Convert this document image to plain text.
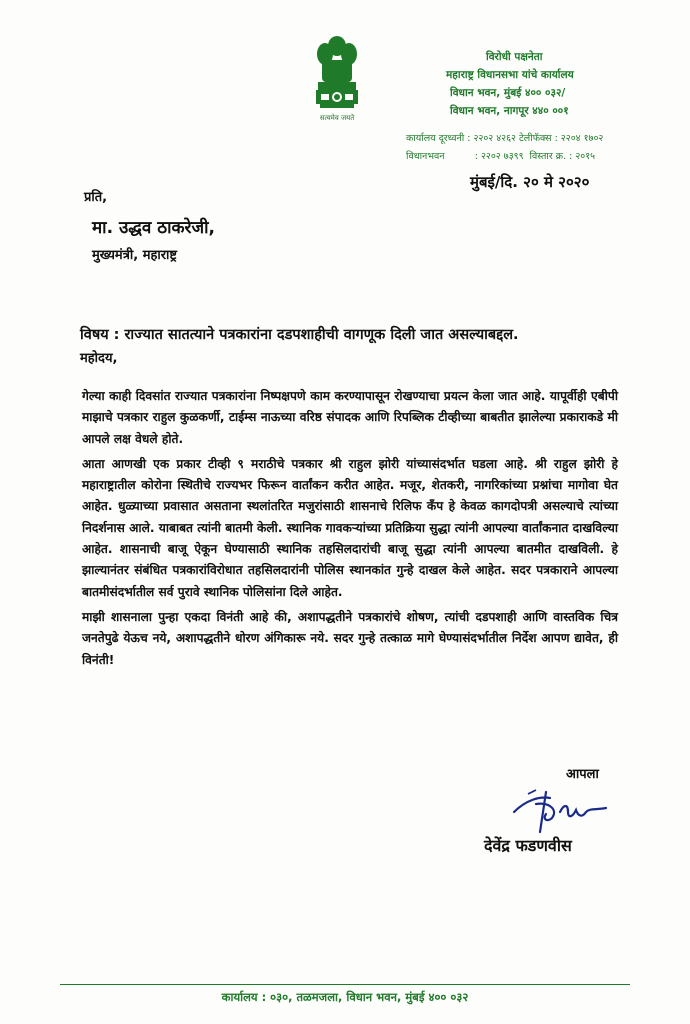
सत्यमेव जयते
विरोधी पक्षनेता
महाराष्ट्र विधानसभा यांचे कार्यालय
विधान भवन, मुंबई ४०० ०३२/
विधान भवन, नागपूर ४४० ००१
कार्यालय दूरध्वनी : २२०२ ४२६२ टेलीफॅक्स : २२०४ १७०२
विधानभवन          : २२०२ ७३९९  विस्तार क्र. : २०१५
मुंबई/दि. २० मे २०२०
प्रति,
मा. उद्धव ठाकरेजी,
मुख्यमंत्री, महाराष्ट्र
विषय : राज्यात सातत्याने पत्रकारांना दडपशाहीची वागणूक दिली जात असल्याबद्दल.
महोदय,

गेल्या काही दिवसांत राज्यात पत्रकारांना निष्पक्षपणे काम करण्यापासून रोखण्याचा प्रयत्न केला जात आहे. यापूर्वीही एबीपी माझाचे पत्रकार राहुल कुळकर्णी, टाईम्स नाऊच्या वरिष्ठ संपादक आणि रिपब्लिक टीव्हीच्या बाबतीत झालेल्या प्रकाराकडे मी आपले लक्ष वेधले होते.

आता आणखी एक प्रकार टीव्ही ९ मराठीचे पत्रकार श्री राहुल झोरी यांच्यासंदर्भात घडला आहे. श्री राहुल झोरी हे महाराष्ट्रातील कोरोना स्थितीचे राज्यभर फिरून वार्तांकन करीत आहेत. मजूर, शेतकरी, नागरिकांच्या प्रश्नांचा मागोवा घेत आहेत. धुळ्याच्या प्रवासात असताना स्थलांतरित मजुरांसाठी शासनाचे रिलिफ कँप हे केवळ कागदोपत्री असल्याचे त्यांच्या निदर्शनास आले. याबाबत त्यांनी बातमी केली. स्थानिक गावकऱ्यांच्या प्रतिक्रिया सुद्धा त्यांनी आपल्या वार्तांकनात दाखविल्या आहेत. शासनाची बाजू ऐकून घेण्यासाठी स्थानिक तहसिलदारांची बाजू सुद्धा त्यांनी आपल्या बातमीत दाखविली. हे झाल्यानंतर संबंधित पत्रकारांविरोधात तहसिलदारांनी पोलिस स्थानकांत गुन्हे दाखल केले आहेत. सदर पत्रकाराने आपल्या बातमीसंदर्भातील सर्व पुरावे स्थानिक पोलिसांना दिले आहेत.

माझी शासनाला पुन्हा एकदा विनंती आहे की, अशापद्धतीने पत्रकारांचे शोषण, त्यांची दडपशाही आणि वास्तविक चित्र जनतेपुढे येऊच नये, अशापद्धतीने धोरण अंगिकारू नये. सदर गुन्हे तत्काळ मागे घेण्यासंदर्भातील निर्देश आपण द्यावेत, ही विनंती!

आपला
देवेंद्र फडणवीस
कार्यालय : ०३०, तळमजला, विधान भवन, मुंबई ४०० ०३२
